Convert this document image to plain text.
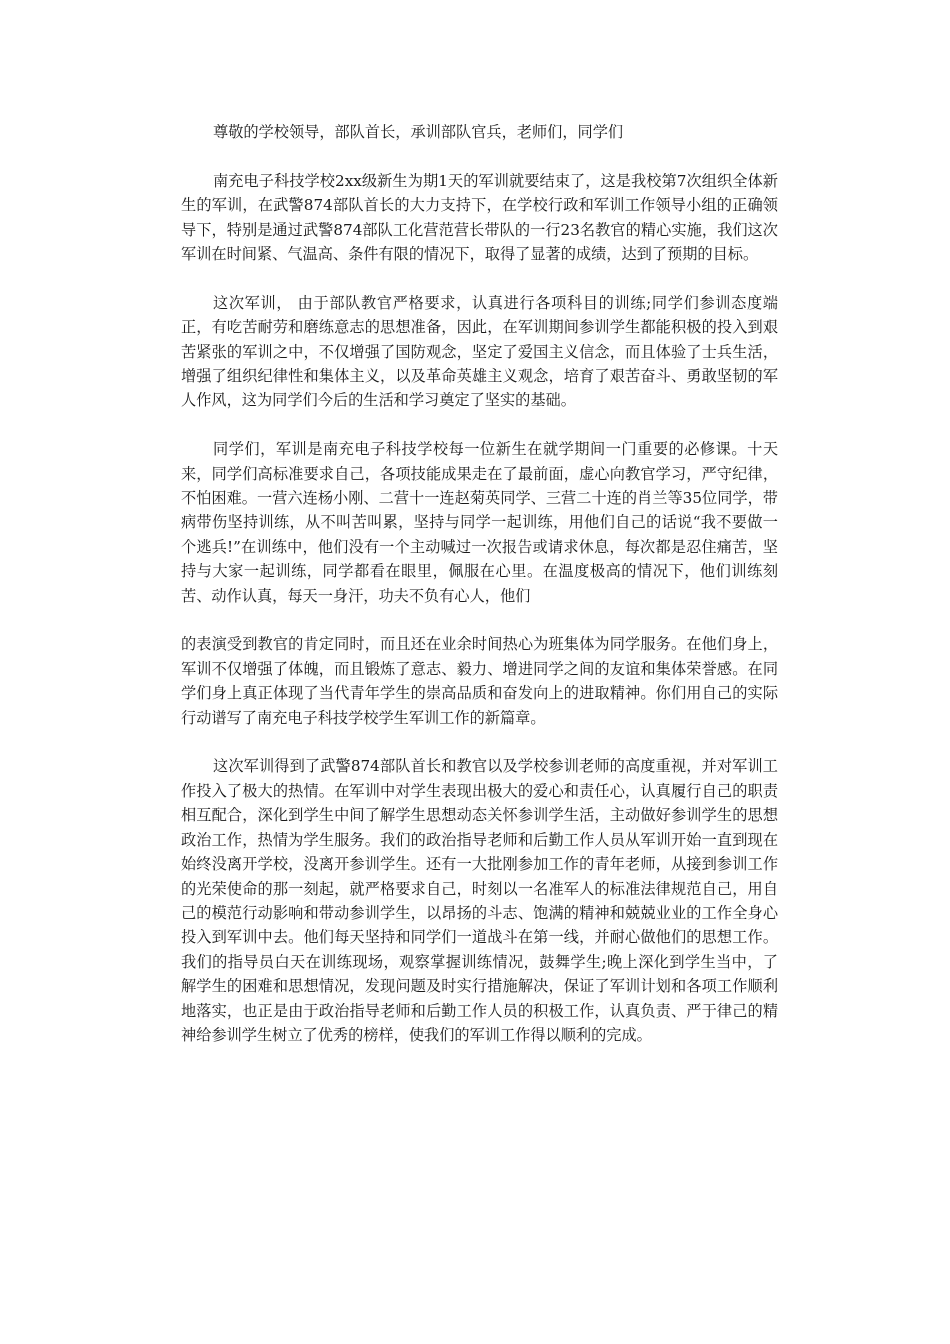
尊敬的学校领导，部队首长，承训部队官兵，老师们，同学们

南充电子科技学校2xx级新生为期1天的军训就要结束了，这是我校第7次组织全体新生的军训，在武警874部队首长的大力支持下，在学校行政和军训工作领导小组的正确领导下，特别是通过武警874部队工化营范营长带队的一行23名教官的精心实施，我们这次军训在时间紧、气温高、条件有限的情况下，取得了显著的成绩，达到了预期的目标。

这次军训， 由于部队教官严格要求，认真进行各项科目的训练;同学们参训态度端正，有吃苦耐劳和磨练意志的思想准备，因此，在军训期间参训学生都能积极的投入到艰苦紧张的军训之中，不仅增强了国防观念，坚定了爱国主义信念，而且体验了士兵生活，增强了组织纪律性和集体主义，以及革命英雄主义观念，培育了艰苦奋斗、勇敢坚韧的军人作风，这为同学们今后的生活和学习奠定了坚实的基础。

同学们，军训是南充电子科技学校每一位新生在就学期间一门重要的必修课。十天来，同学们高标准要求自己，各项技能成果走在了最前面，虚心向教官学习，严守纪律，不怕困难。一营六连杨小刚、二营十一连赵菊英同学、三营二十连的肖兰等35位同学，带病带伤坚持训练，从不叫苦叫累，坚持与同学一起训练，用他们自己的话说“我不要做一个逃兵!”在训练中，他们没有一个主动喊过一次报告或请求休息，每次都是忍住痛苦，坚持与大家一起训练，同学都看在眼里，佩服在心里。在温度极高的情况下，他们训练刻苦、动作认真，每天一身汗，功夫不负有心人，他们

的表演受到教官的肯定同时，而且还在业余时间热心为班集体为同学服务。在他们身上，军训不仅增强了体魄，而且锻炼了意志、毅力、增进同学之间的友谊和集体荣誉感。在同学们身上真正体现了当代青年学生的崇高品质和奋发向上的进取精神。你们用自己的实际行动谱写了南充电子科技学校学生军训工作的新篇章。

这次军训得到了武警874部队首长和教官以及学校参训老师的高度重视，并对军训工作投入了极大的热情。在军训中对学生表现出极大的爱心和责任心，认真履行自己的职责相互配合，深化到学生中间了解学生思想动态关怀参训学生活，主动做好参训学生的思想政治工作，热情为学生服务。我们的政治指导老师和后勤工作人员从军训开始一直到现在始终没离开学校，没离开参训学生。还有一大批刚参加工作的青年老师，从接到参训工作的光荣使命的那一刻起，就严格要求自己，时刻以一名准军人的标准法律规范自己，用自己的模范行动影响和带动参训学生，以昂扬的斗志、饱满的精神和兢兢业业的工作全身心投入到军训中去。他们每天坚持和同学们一道战斗在第一线，并耐心做他们的思想工作。我们的指导员白天在训练现场，观察掌握训练情况，鼓舞学生;晚上深化到学生当中，了解学生的困难和思想情况，发现问题及时实行措施解决，保证了军训计划和各项工作顺利地落实，也正是由于政治指导老师和后勤工作人员的积极工作，认真负责、严于律己的精神给参训学生树立了优秀的榜样，使我们的军训工作得以顺利的完成。
